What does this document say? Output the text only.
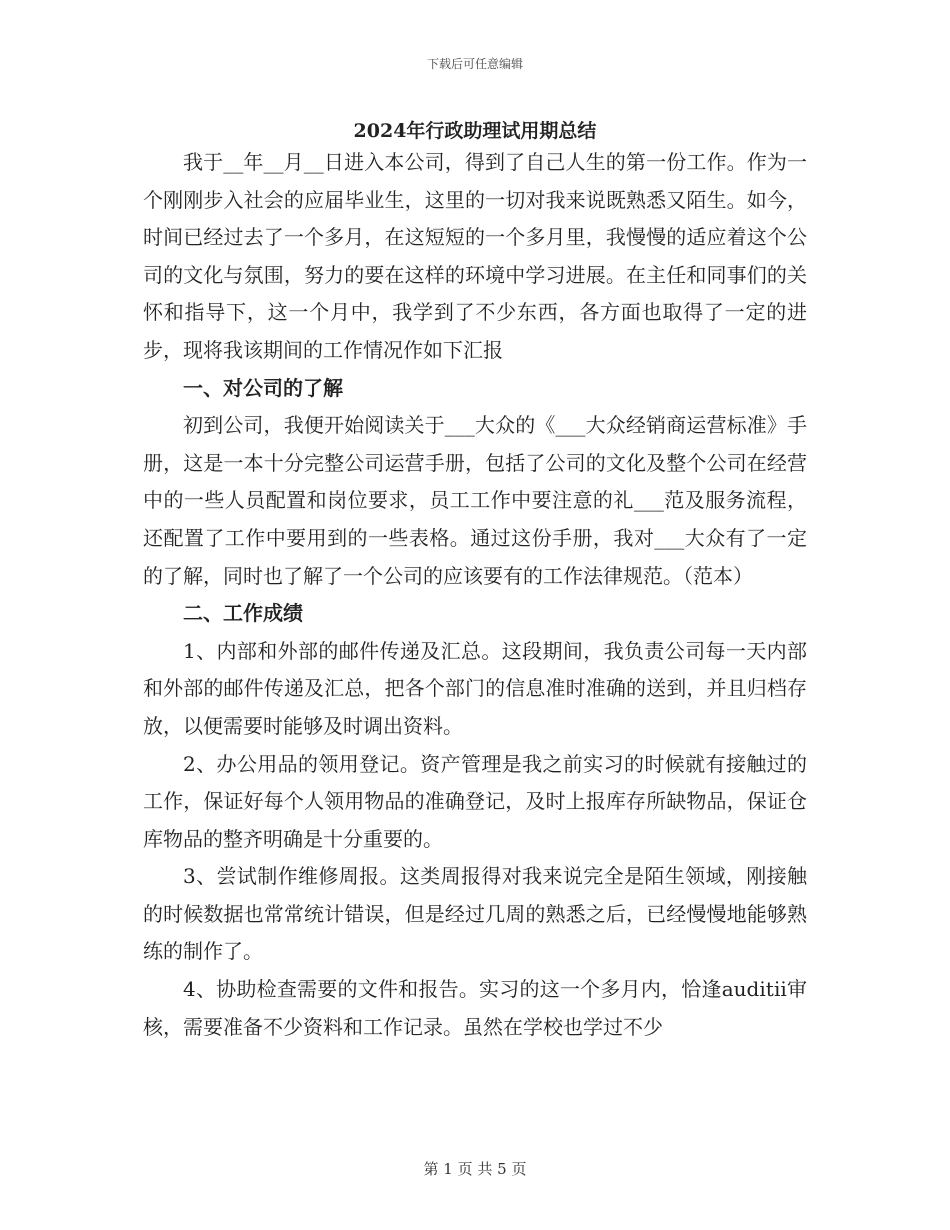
下载后可任意编辑
2024年行政助理试用期总结

我于__年__月__日进入本公司，得到了自己人生的第一份工作。作为一个刚刚步入社会的应届毕业生，这里的一切对我来说既熟悉又陌生。如今，时间已经过去了一个多月，在这短短的一个多月里，我慢慢的适应着这个公司的文化与氛围，努力的要在这样的环境中学习进展。在主任和同事们的关怀和指导下，这一个月中，我学到了不少东西，各方面也取得了一定的进步，现将我该期间的工作情况作如下汇报

一、对公司的了解

初到公司，我便开始阅读关于___大众的《___大众经销商运营标准》手册，这是一本十分完整公司运营手册，包括了公司的文化及整个公司在经营中的一些人员配置和岗位要求，员工工作中要注意的礼___范及服务流程，还配置了工作中要用到的一些表格。通过这份手册，我对___大众有了一定的了解，同时也了解了一个公司的应该要有的工作法律规范。（范本）

二、工作成绩

1、内部和外部的邮件传递及汇总。这段期间，我负责公司每一天内部和外部的邮件传递及汇总，把各个部门的信息准时准确的送到，并且归档存放，以便需要时能够及时调出资料。

2、办公用品的领用登记。资产管理是我之前实习的时候就有接触过的工作，保证好每个人领用物品的准确登记，及时上报库存所缺物品，保证仓库物品的整齐明确是十分重要的。

3、尝试制作维修周报。这类周报得对我来说完全是陌生领域，刚接触的时候数据也常常统计错误，但是经过几周的熟悉之后，已经慢慢地能够熟练的制作了。

4、协助检查需要的文件和报告。实习的这一个多月内，恰逢auditⅱ审核，需要准备不少资料和工作记录。虽然在学校也学过不少

第 1 页 共 5 页
